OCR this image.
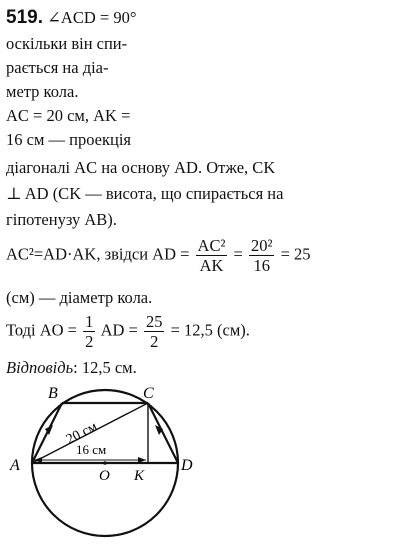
519. ∠ACD = 90°
оскільки він спи-
рається на діа-
метр кола.
AC = 20 см, AK =
16 см — проекція
діагоналі AC на основу AD. Отже, CK
⊥ AD (CK — висота, що спирається на
гіпотенузу AB).
AC²=AD·AK, звідси AD = $\frac{\text{AC²}}{AK} = \frac{\text{20²}}{16} = 25$
(см) — діаметр кола.
Тоді AO = $\frac{1}{2}$ AD = $\frac{25}{2} = 12,5$ (см).
Відповідь: 12,5 см.
A
B	C
D
O K
20 см
16 см
